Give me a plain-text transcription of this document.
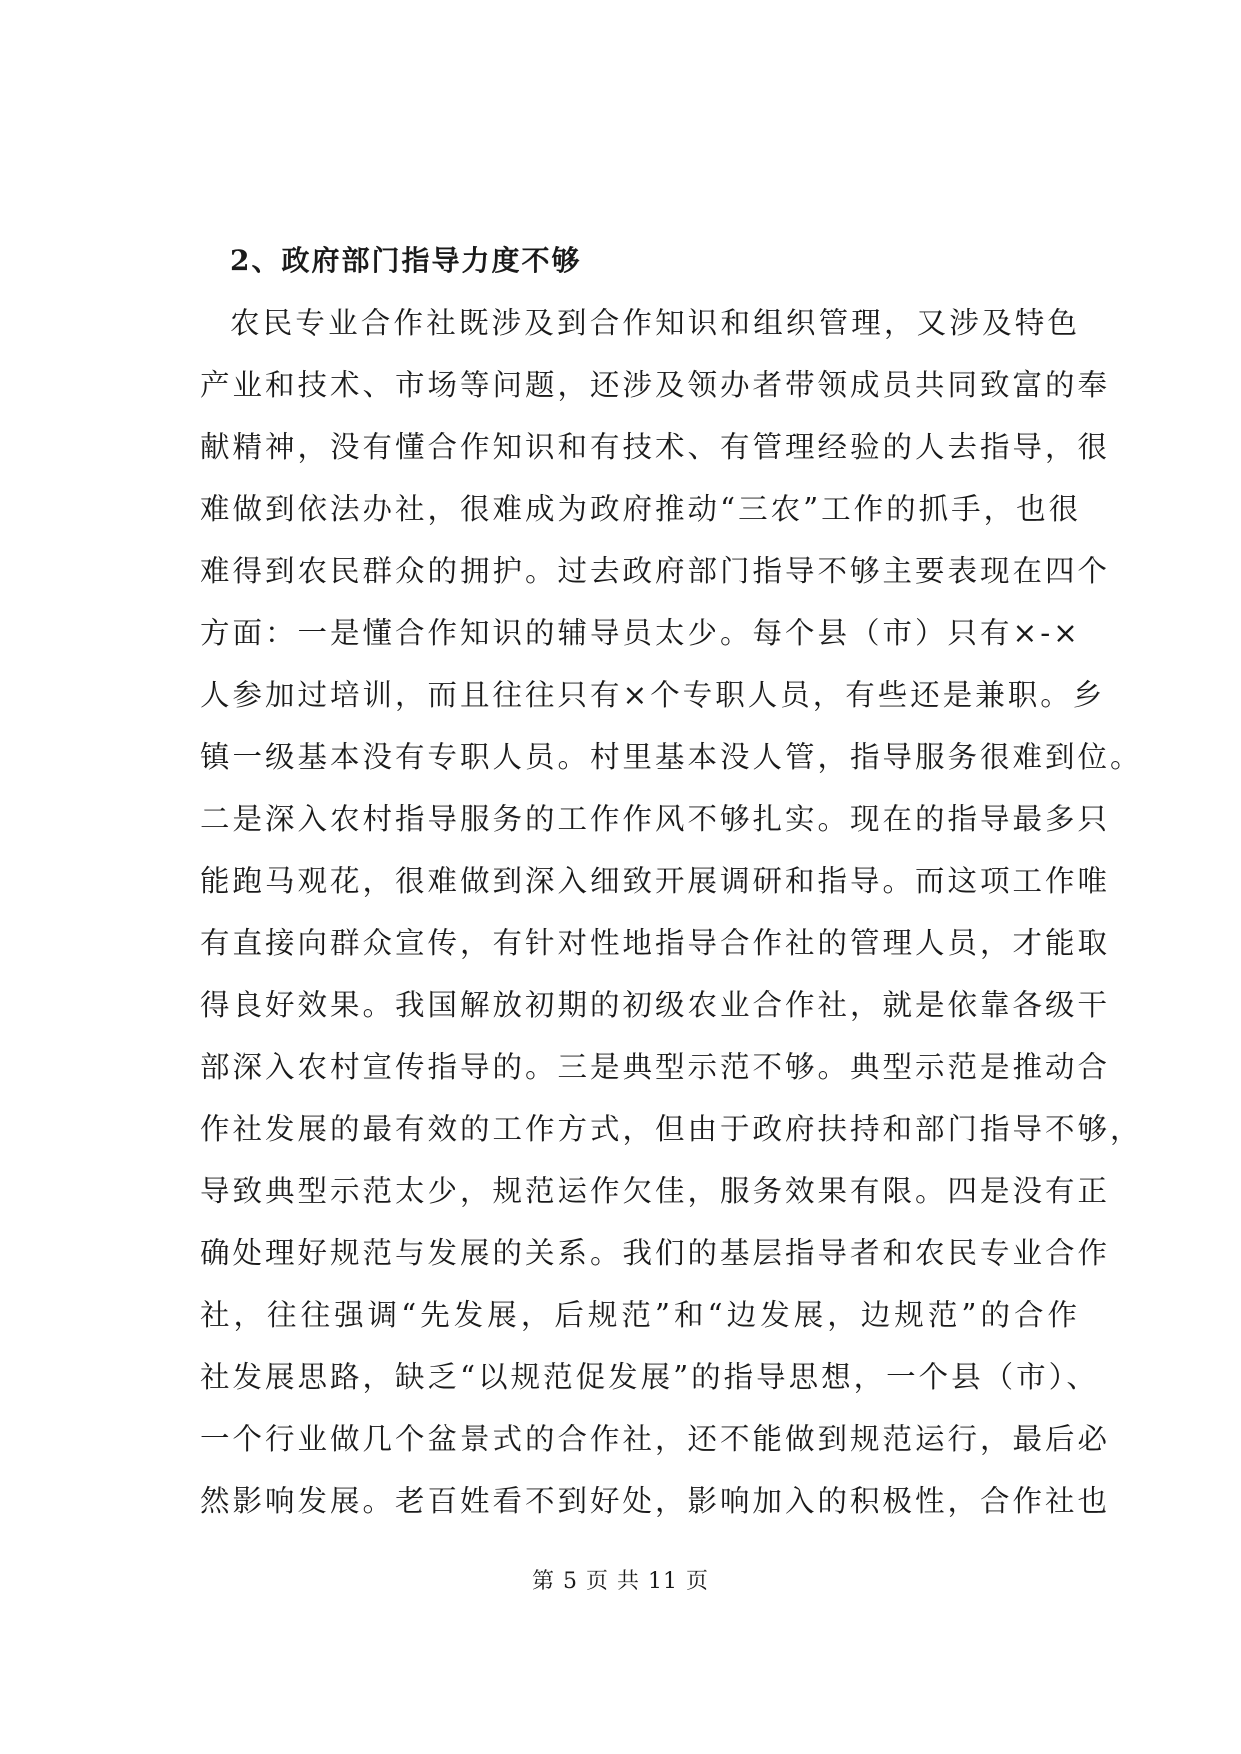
2、政府部门指导力度不够
农民专业合作社既涉及到合作知识和组织管理，又涉及特色
产业和技术、市场等问题，还涉及领办者带领成员共同致富的奉
献精神，没有懂合作知识和有技术、有管理经验的人去指导，很
难做到依法办社，很难成为政府推动“三农”工作的抓手，也很
难得到农民群众的拥护。过去政府部门指导不够主要表现在四个
方面：一是懂合作知识的辅导员太少。每个县（市）只有×-×
人参加过培训，而且往往只有×个专职人员，有些还是兼职。乡
镇一级基本没有专职人员。村里基本没人管，指导服务很难到位。
二是深入农村指导服务的工作作风不够扎实。现在的指导最多只
能跑马观花，很难做到深入细致开展调研和指导。而这项工作唯
有直接向群众宣传，有针对性地指导合作社的管理人员，才能取
得良好效果。我国解放初期的初级农业合作社，就是依靠各级干
部深入农村宣传指导的。三是典型示范不够。典型示范是推动合
作社发展的最有效的工作方式，但由于政府扶持和部门指导不够，
导致典型示范太少，规范运作欠佳，服务效果有限。四是没有正
确处理好规范与发展的关系。我们的基层指导者和农民专业合作
社，往往强调“先发展，后规范”和“边发展，边规范”的合作
社发展思路，缺乏“以规范促发展”的指导思想，一个县（市）、
一个行业做几个盆景式的合作社，还不能做到规范运行，最后必
然影响发展。老百姓看不到好处，影响加入的积极性，合作社也
第 5 页 共 11 页
